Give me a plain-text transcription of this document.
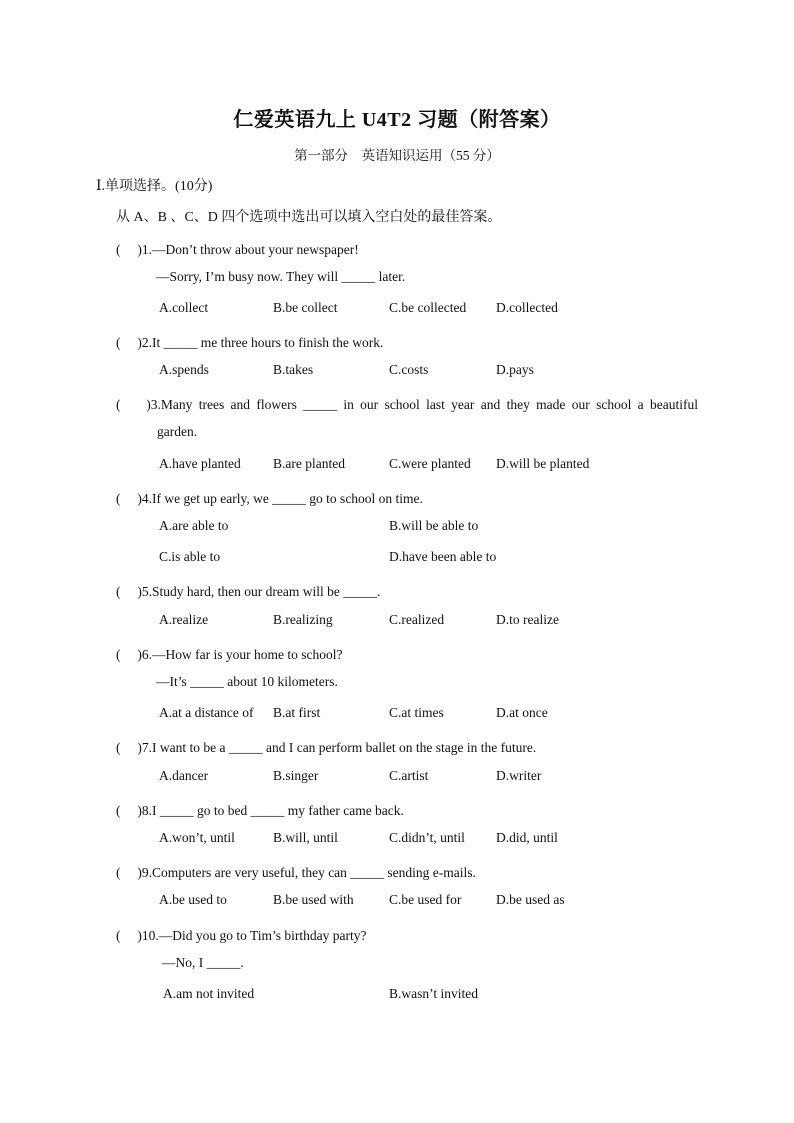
仁爱英语九上 U4T2 习题（附答案）
第一部分　英语知识运用（55 分）
Ⅰ.单项选择。(10分)
从 A、B 、C、D 四个选项中选出可以填入空白处的最佳答案。
(　 )1.—Don’t throw about your newspaper!
—Sorry, I’m busy now. They will _____ later.
A.collect	B.be collect	C.be collected D.collected
(　 )2.It _____ me three hours to finish the work.
A.spends	B.takes	C.costs	D.pays
(　 )3.Many trees and flowers _____ in our school last year and they made our school a beautiful
garden.
A.have planted B.are planted	C.were planted D.will be planted
(　 )4.If we get up early, we _____ go to school on time.
A.are able to	B.will be able to
C.is able to	D.have been able to
(　 )5.Study hard, then our dream will be _____.
A.realize	B.realizing	C.realized	D.to realize
(　 )6.—How far is your home to school?
—It’s _____ about 10 kilometers.
A.at a distance of B.at first	C.at times	D.at once
(　 )7.I want to be a _____ and I can perform ballet on the stage in the future.
A.dancer	B.singer	C.artist	D.writer
(　 )8.I _____ go to bed _____ my father came back.
A.won’t, until	B.will, until	C.didn’t, until D.did, until
(　 )9.Computers are very useful, they can _____ sending e-mails.
A.be used to	B.be used with	C.be used for	D.be used as
(　 )10.—Did you go to Tim’s birthday party?
—No, I _____.
A.am not invited	B.wasn’t invited
